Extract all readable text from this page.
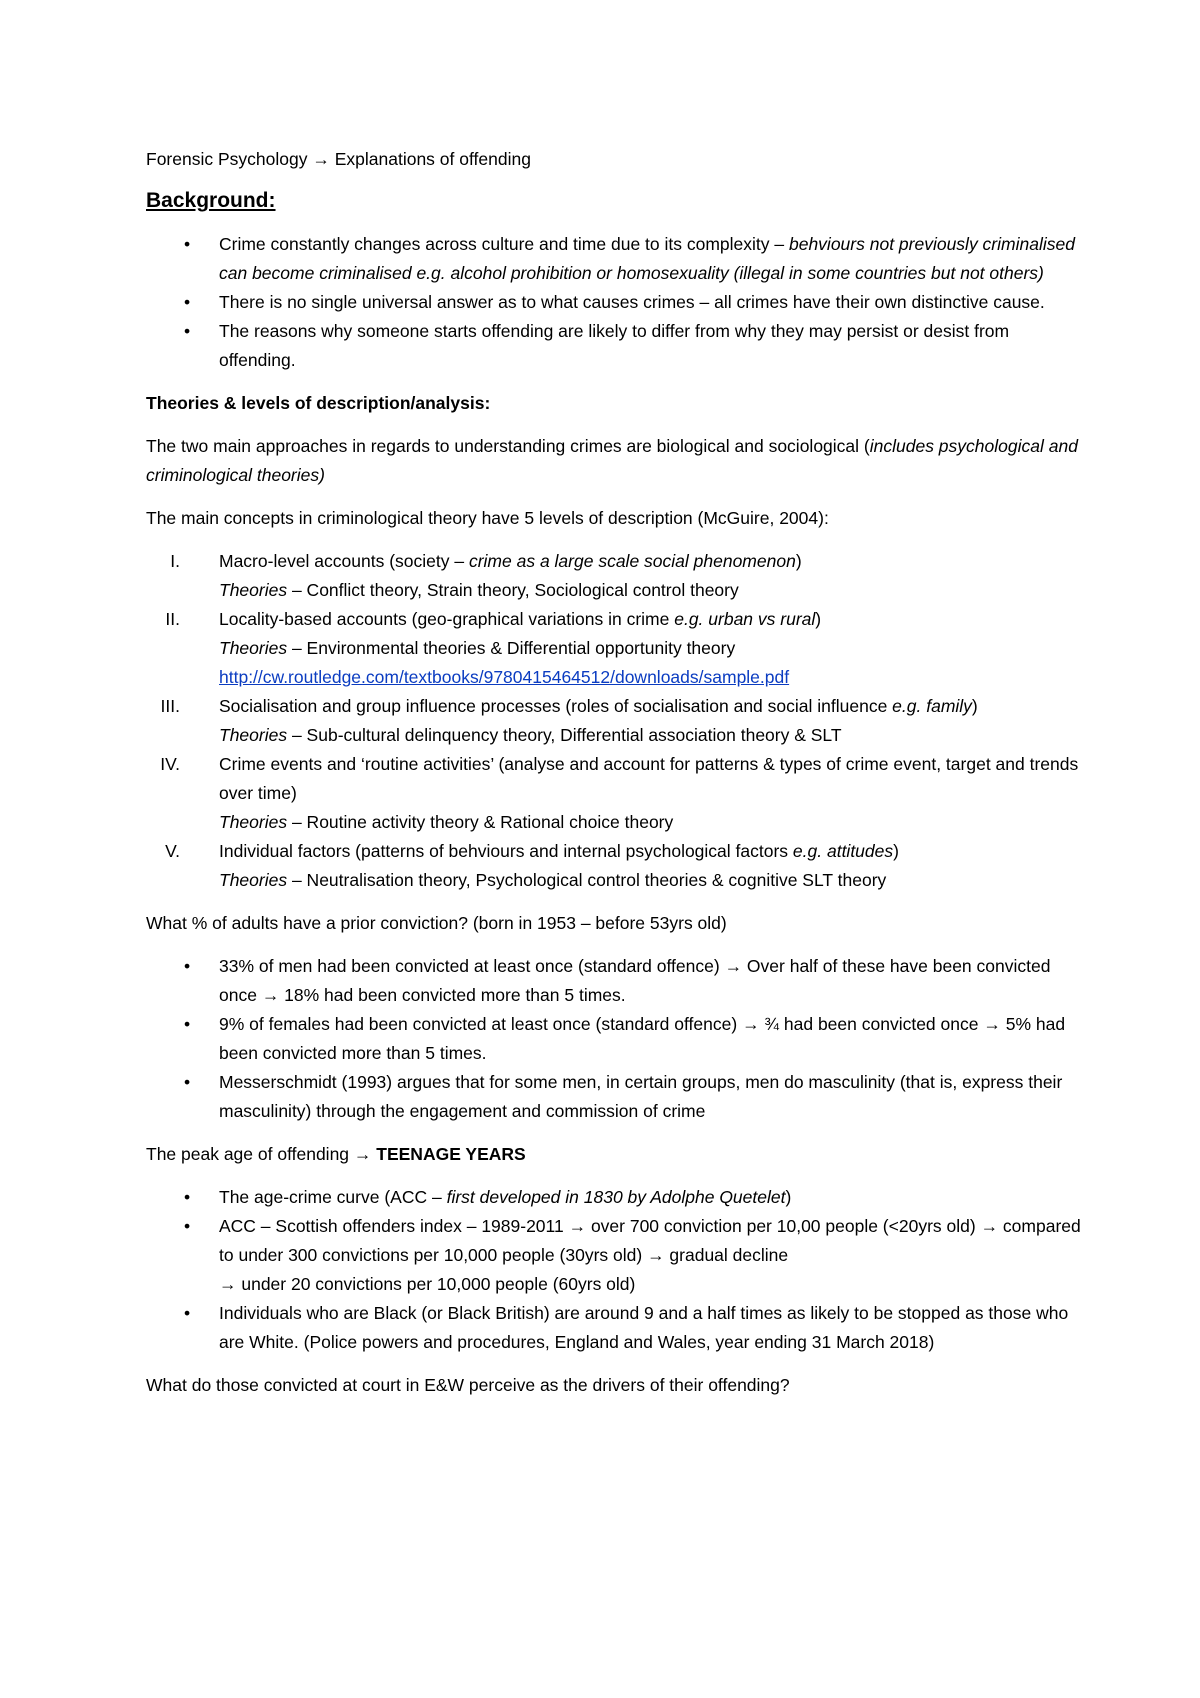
Forensic Psychology → Explanations of offending

Background:
• Crime constantly changes across culture and time due to its complexity – behviours not previously criminalised can become criminalised e.g. alcohol prohibition or homosexuality (illegal in some countries but not others)
• There is no single universal answer as to what causes crimes – all crimes have their own distinctive cause.
• The reasons why someone starts offending are likely to differ from why they may persist or desist from offending.
Theories & levels of description/analysis:

The two main approaches in regards to understanding crimes are biological and sociological (includes psychological and criminological theories)

The main concepts in criminological theory have 5 levels of description (McGuire, 2004):

I. Macro-level accounts (society – crime as a large scale social phenomenon)
Theories – Conflict theory, Strain theory, Sociological control theory
II. Locality-based accounts (geo-graphical variations in crime e.g. urban vs rural)
Theories – Environmental theories & Differential opportunity theory
http://cw.routledge.com/textbooks/9780415464512/downloads/sample.pdf
III. Socialisation and group influence processes (roles of socialisation and social influence e.g. family)
Theories – Sub-cultural delinquency theory, Differential association theory & SLT
IV. Crime events and ‘routine activities’ (analyse and account for patterns & types of crime event, target and trends over time)
Theories – Routine activity theory & Rational choice theory
V. Individual factors (patterns of behviours and internal psychological factors e.g. attitudes)
Theories – Neutralisation theory, Psychological control theories & cognitive SLT theory

What % of adults have a prior conviction? (born in 1953 – before 53yrs old)

• 33% of men had been convicted at least once (standard offence) → Over half of these have been convicted once → 18% had been convicted more than 5 times.
• 9% of females had been convicted at least once (standard offence) → ¾ had been convicted once → 5% had been convicted more than 5 times.
• Messerschmidt (1993) argues that for some men, in certain groups, men do masculinity (that is, express their masculinity) through the engagement and commission of crime

The peak age of offending → TEENAGE YEARS

• The age-crime curve (ACC – first developed in 1830 by Adolphe Quetelet)
• ACC – Scottish offenders index – 1989-2011 → over 700 conviction per 10,00 people (<20yrs old) → compared to under 300 convictions per 10,000 people (30yrs old) → gradual decline
→ under 20 convictions per 10,000 people (60yrs old)
• Individuals who are Black (or Black British) are around 9 and a half times as likely to be stopped as those who are White. (Police powers and procedures, England and Wales, year ending 31 March 2018)

What do those convicted at court in E&W perceive as the drivers of their offending?
